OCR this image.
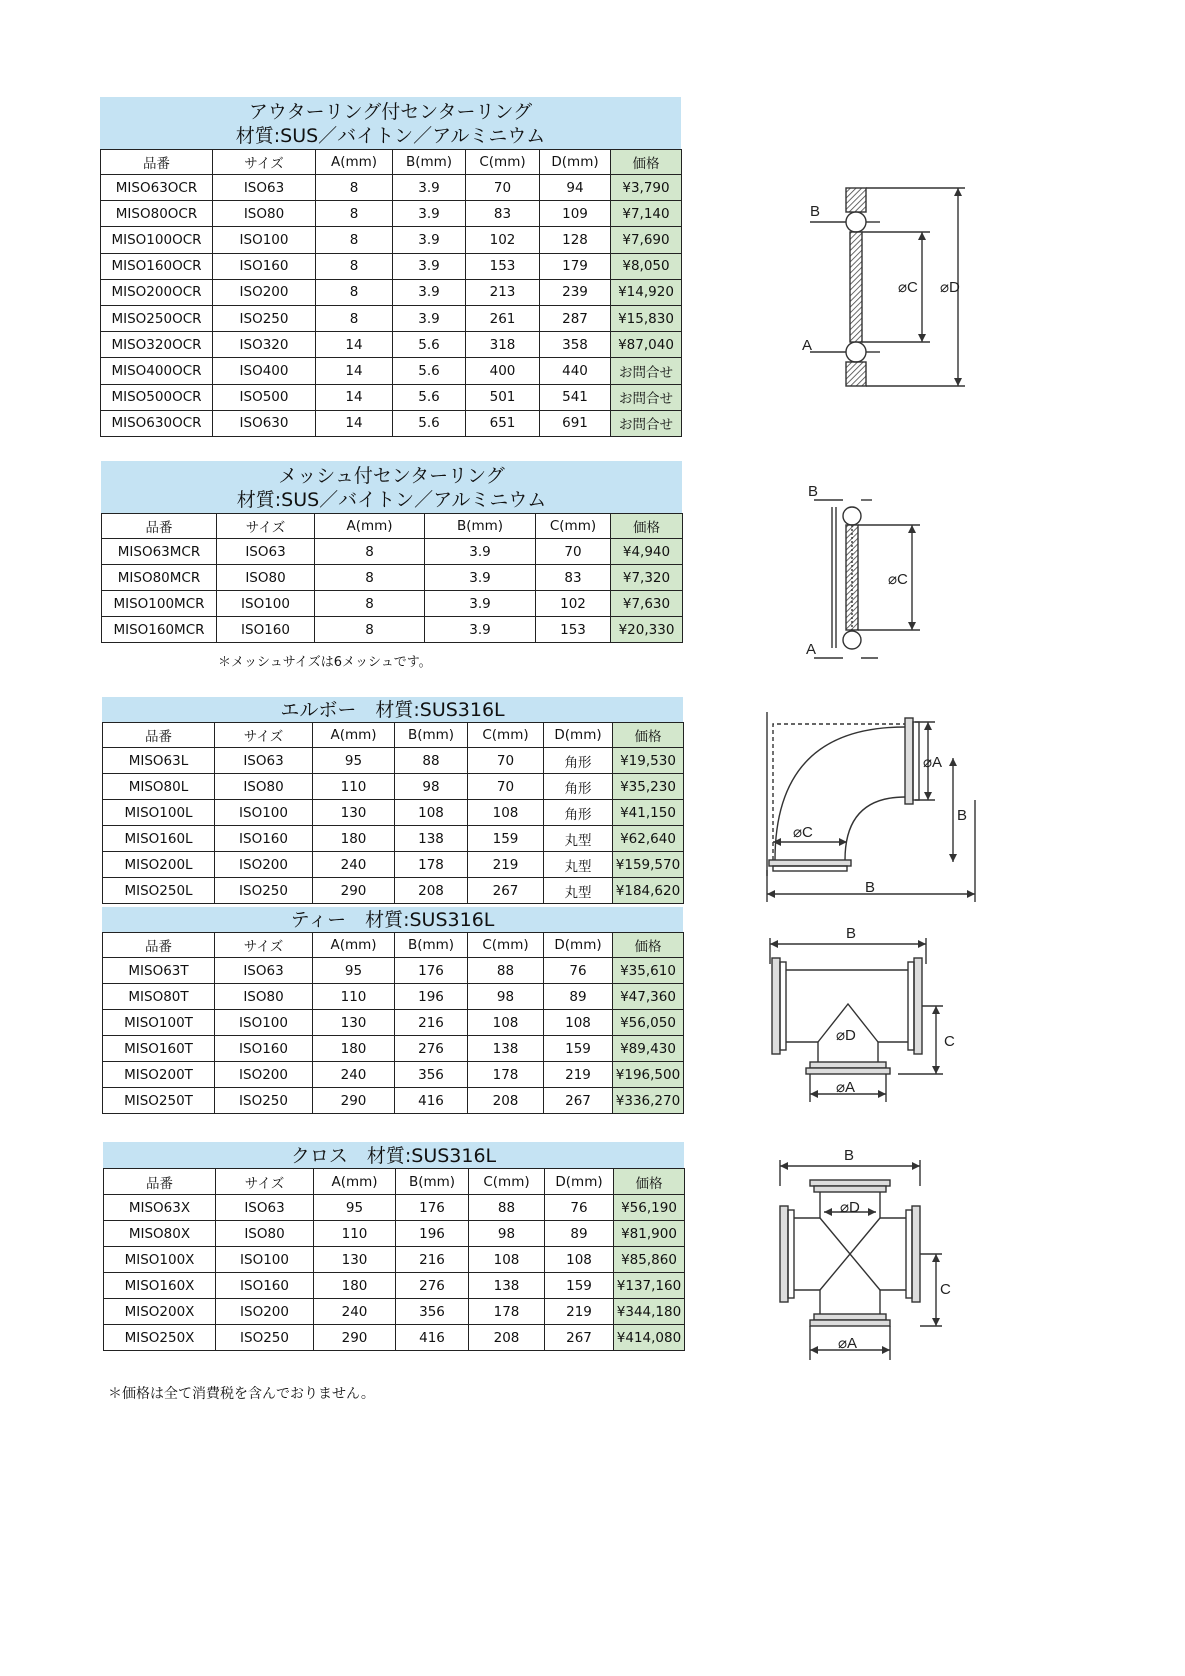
アウターリング付センターリング
材質:SUS／バイトン／アルミニウム
品番	サイズ	A(mm)	B(mm)	C(mm)	D(mm)	価格
MISO63OCR	ISO63	8	3.9	70	94	¥3,790
MISO80OCR	ISO80	8	3.9	83	109	¥7,140
MISO100OCR	ISO100	8	3.9	102	128	¥7,690
MISO160OCR	ISO160	8	3.9	153	179	¥8,050
MISO200OCR	ISO200	8	3.9	213	239	¥14,920
MISO250OCR	ISO250	8	3.9	261	287	¥15,830
MISO320OCR	ISO320	14	5.6	318	358	¥87,040
MISO400OCR	ISO400	14	5.6	400	440	お問合せ
MISO500OCR	ISO500	14	5.6	501	541	お問合せ
MISO630OCR	ISO630	14	5.6	651	691	お問合せ
メッシュ付センターリング
材質:SUS／バイトン／アルミニウム
品番	サイズ	A(mm)	B(mm)	C(mm)	価格
MISO63MCR	ISO63	8	3.9	70	¥4,940
MISO80MCR	ISO80	8	3.9	83	¥7,320
MISO100MCR	ISO100	8	3.9	102	¥7,630
MISO160MCR	ISO160	8	3.9	153	¥20,330
＊メッシュサイズは6メッシュです。
エルボー　材質:SUS316L
品番	サイズ	A(mm)	B(mm)	C(mm)	D(mm)	価格
MISO63L	ISO63	95	88	70	角形	¥19,530
MISO80L	ISO80	110	98	70	角形	¥35,230
MISO100L	ISO100	130	108	108	角形	¥41,150
MISO160L	ISO160	180	138	159	丸型	¥62,640
MISO200L	ISO200	240	178	219	丸型	¥159,570
MISO250L	ISO250	290	208	267	丸型	¥184,620
ティー　材質:SUS316L
品番	サイズ	A(mm)	B(mm)	C(mm)	D(mm)	価格
MISO63T	ISO63	95	176	88	76	¥35,610
MISO80T	ISO80	110	196	98	89	¥47,360
MISO100T	ISO100	130	216	108	108	¥56,050
MISO160T	ISO160	180	276	138	159	¥89,430
MISO200T	ISO200	240	356	178	219	¥196,500
MISO250T	ISO250	290	416	208	267	¥336,270
クロス　材質:SUS316L
品番	サイズ	A(mm)	B(mm)	C(mm)	D(mm)	価格
MISO63X	ISO63	95	176	88	76	¥56,190
MISO80X	ISO80	110	196	98	89	¥81,900
MISO100X	ISO100	130	216	108	108	¥85,860
MISO160X	ISO160	180	276	138	159	¥137,160
MISO200X	ISO200	240	356	178	219	¥344,180
MISO250X	ISO250	290	416	208	267	¥414,080
＊価格は全て消費税を含んでおりません。
B
A
⌀C ⌀D
B
A
⌀C
⌀A
B
⌀C
B
B
⌀D	C
⌀A
B
⌀D
C
⌀A
